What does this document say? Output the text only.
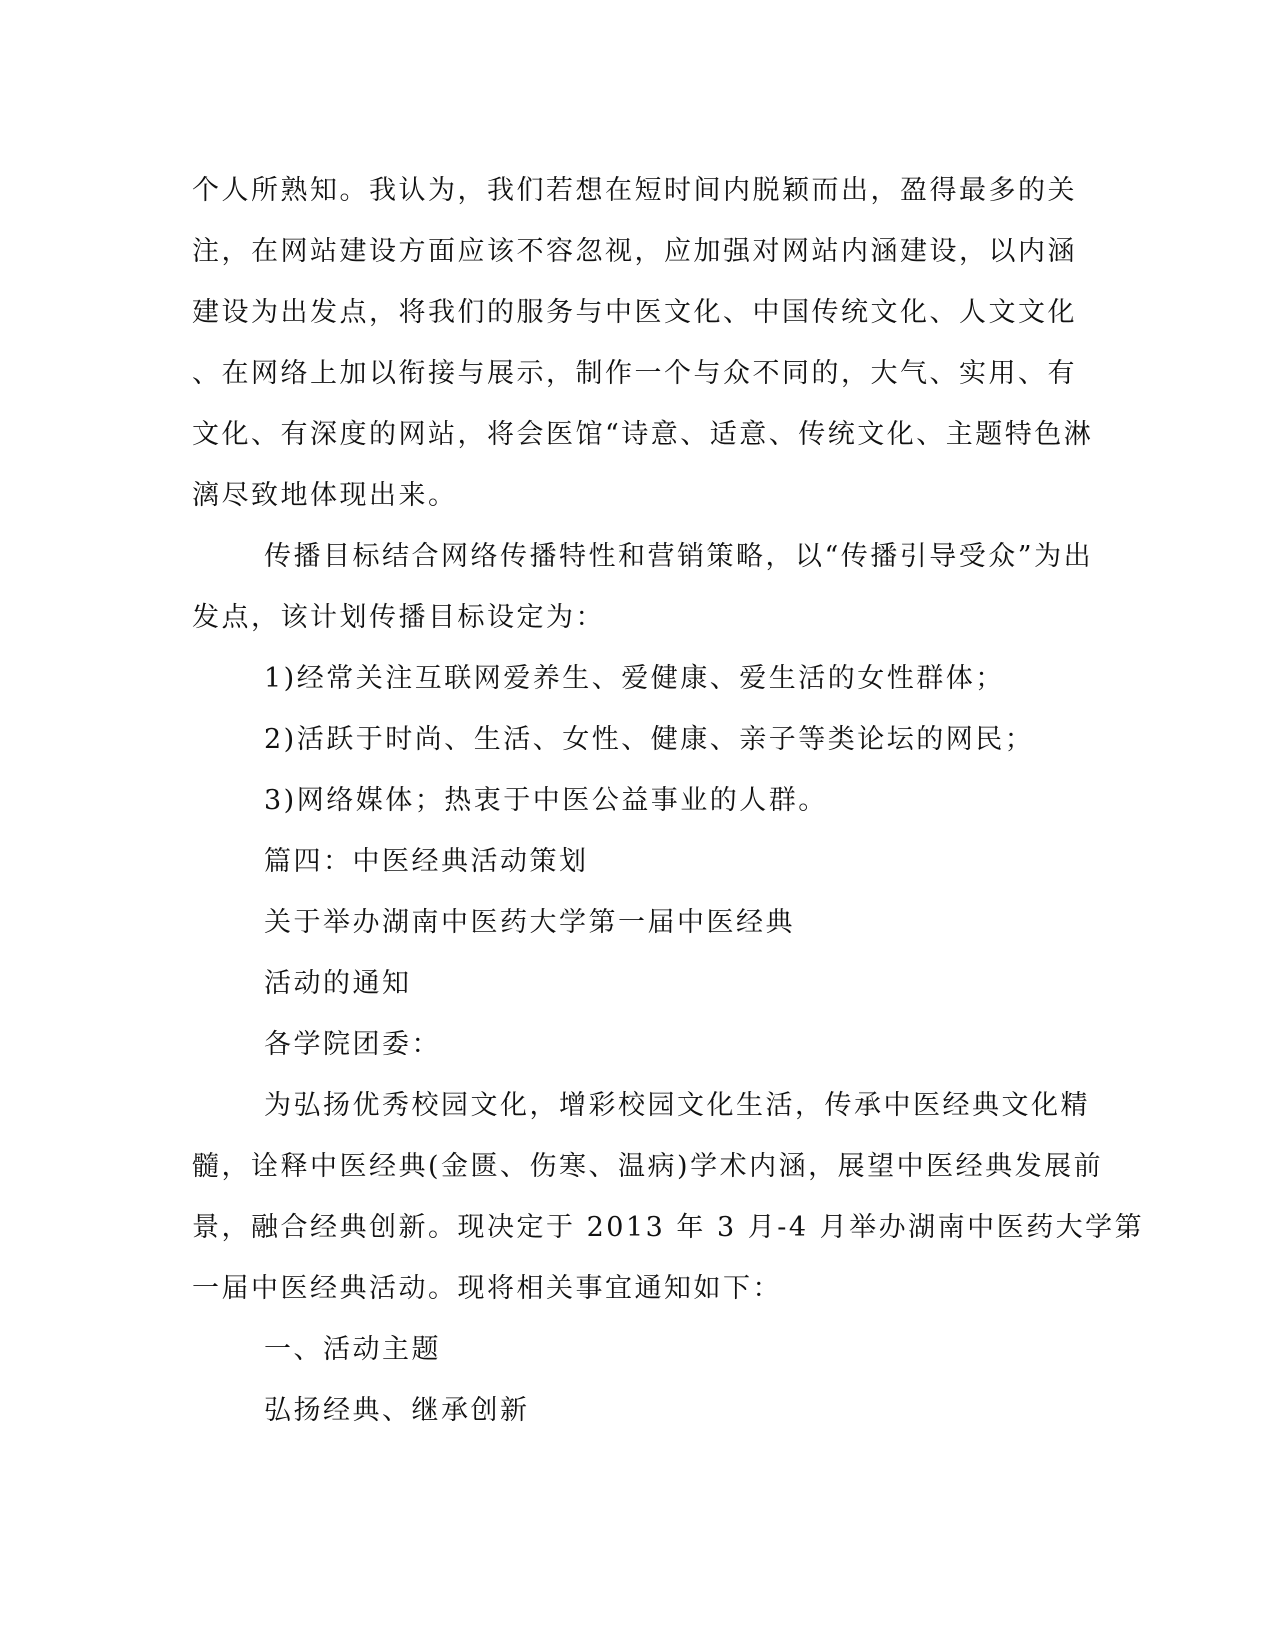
个人所熟知。我认为，我们若想在短时间内脱颖而出，盈得最多的关
注，在网站建设方面应该不容忽视，应加强对网站内涵建设，以内涵
建设为出发点，将我们的服务与中医文化、中国传统文化、人文文化
、在网络上加以衔接与展示，制作一个与众不同的，大气、实用、有
文化、有深度的网站，将会医馆“诗意、适意、传统文化、主题特色淋
漓尽致地体现出来。
传播目标结合网络传播特性和营销策略，以“传播引导受众”为出
发点，该计划传播目标设定为：
1)经常关注互联网爱养生、爱健康、爱生活的女性群体；
2)活跃于时尚、生活、女性、健康、亲子等类论坛的网民；
3)网络媒体；热衷于中医公益事业的人群。
篇四：中医经典活动策划
关于举办湖南中医药大学第一届中医经典
活动的通知
各学院团委：
为弘扬优秀校园文化，增彩校园文化生活，传承中医经典文化精
髓，诠释中医经典(金匮、伤寒、温病)学术内涵，展望中医经典发展前
景，融合经典创新。现决定于 2013 年 3 月-4 月举办湖南中医药大学第
一届中医经典活动。现将相关事宜通知如下：
一、活动主题
弘扬经典、继承创新
